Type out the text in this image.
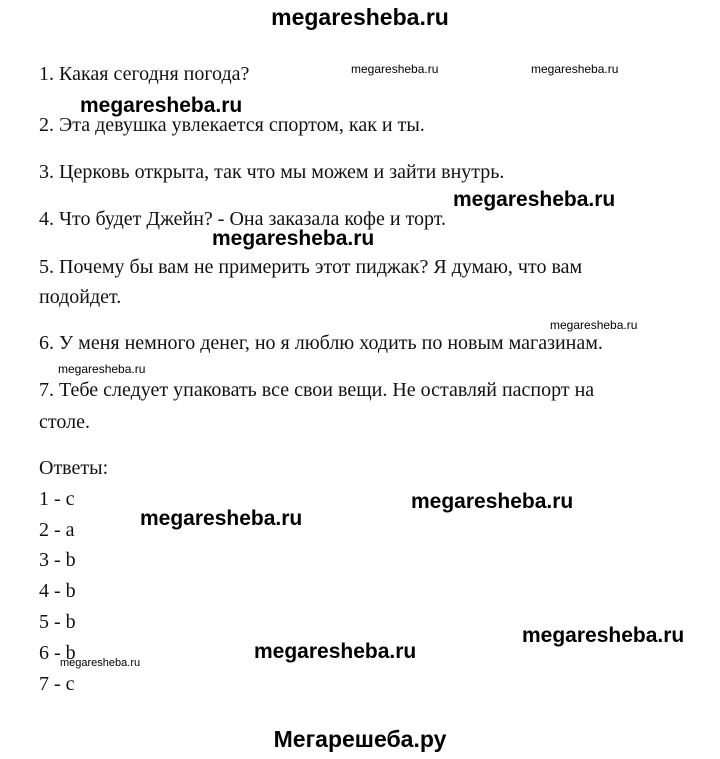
megaresheba.ru
1. Какая сегодня погода?
2. Эта девушка увлекается спортом, как и ты.
3. Церковь открыта, так что мы можем и зайти внутрь.
4. Что будет Джейн? - Она заказала кофе и торт.
5. Почему бы вам не примерить этот пиджак? Я думаю, что вам
подойдет.
6. У меня немного денег, но я люблю ходить по новым магазинам.
7. Тебе следует упаковать все свои вещи. Не оставляй паспорт на
столе.
Ответы:
1 - c
2 - a
3 - b
4 - b
5 - b
6 - b
7 - c
megaresheba.ru	megaresheba.ru
megaresheba.ru
megaresheba.ru
megaresheba.ru
megaresheba.ru
megaresheba.ru
megaresheba.ru
megaresheba.ru
megaresheba.ru
megaresheba.ru
megaresheba.ru
Мегарешеба.ру
